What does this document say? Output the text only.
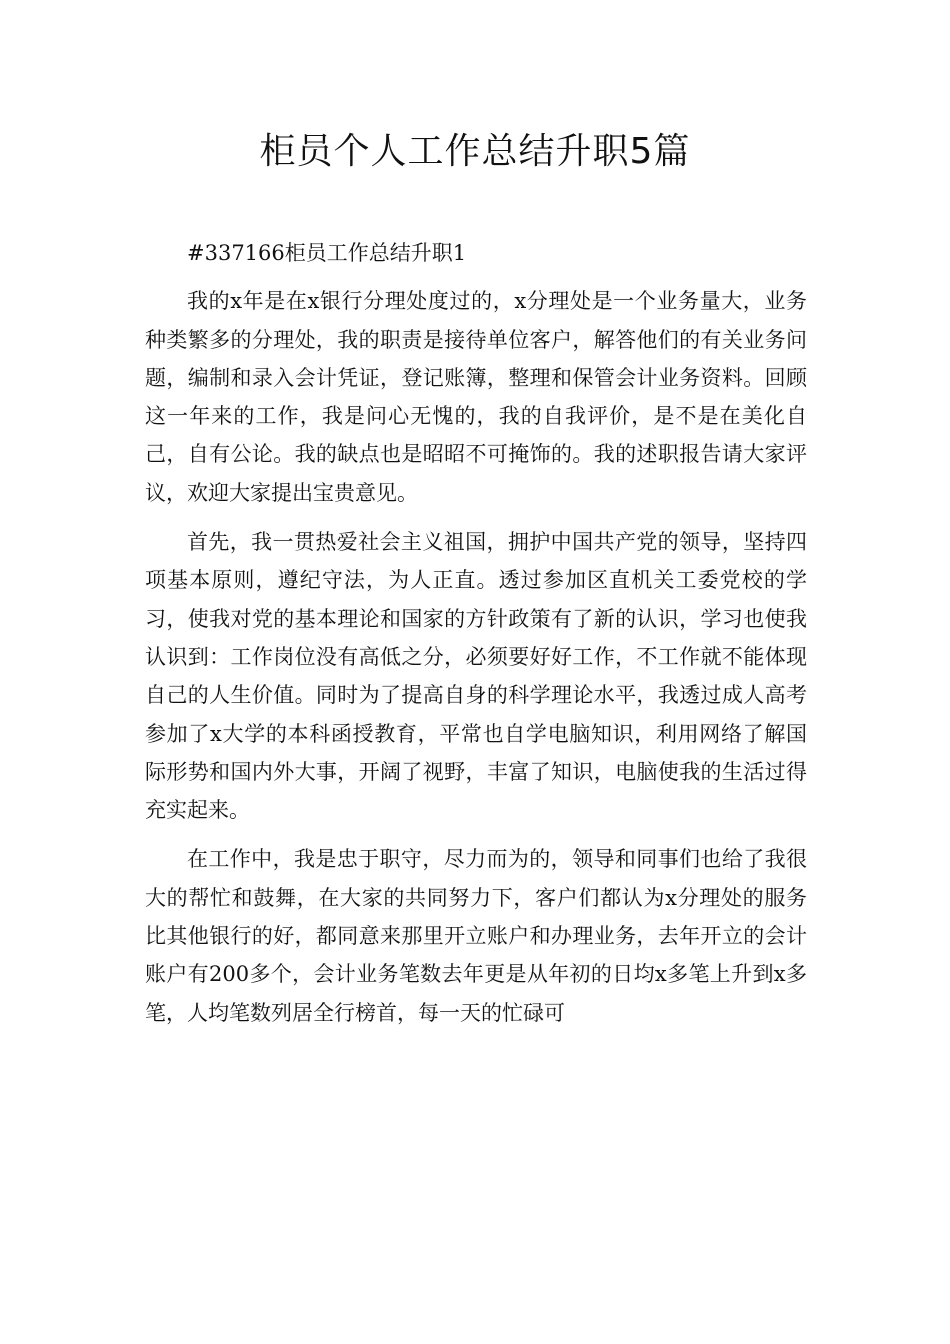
柜员个人工作总结升职5篇

#337166柜员工作总结升职1

我的x年是在x银行分理处度过的，x分理处是一个业务量大，业务种类繁多的分理处，我的职责是接待单位客户，解答他们的有关业务问题，编制和录入会计凭证，登记账簿，整理和保管会计业务资料。回顾这一年来的工作，我是问心无愧的，我的自我评价，是不是在美化自己，自有公论。我的缺点也是昭昭不可掩饰的。我的述职报告请大家评议，欢迎大家提出宝贵意见。

首先，我一贯热爱社会主义祖国，拥护中国共产党的领导，坚持四项基本原则，遵纪守法，为人正直。透过参加区直机关工委党校的学习，使我对党的基本理论和国家的方针政策有了新的认识，学习也使我认识到：工作岗位没有高低之分，必须要好好工作，不工作就不能体现自己的人生价值。同时为了提高自身的科学理论水平，我透过成人高考参加了x大学的本科函授教育，平常也自学电脑知识，利用网络了解国际形势和国内外大事，开阔了视野，丰富了知识，电脑使我的生活过得充实起来。

在工作中，我是忠于职守，尽力而为的，领导和同事们也给了我很大的帮忙和鼓舞，在大家的共同努力下，客户们都认为x分理处的服务比其他银行的好，都同意来那里开立账户和办理业务，去年开立的会计账户有200多个，会计业务笔数去年更是从年初的日均x多笔上升到x多笔，人均笔数列居全行榜首，每一天的忙碌可
